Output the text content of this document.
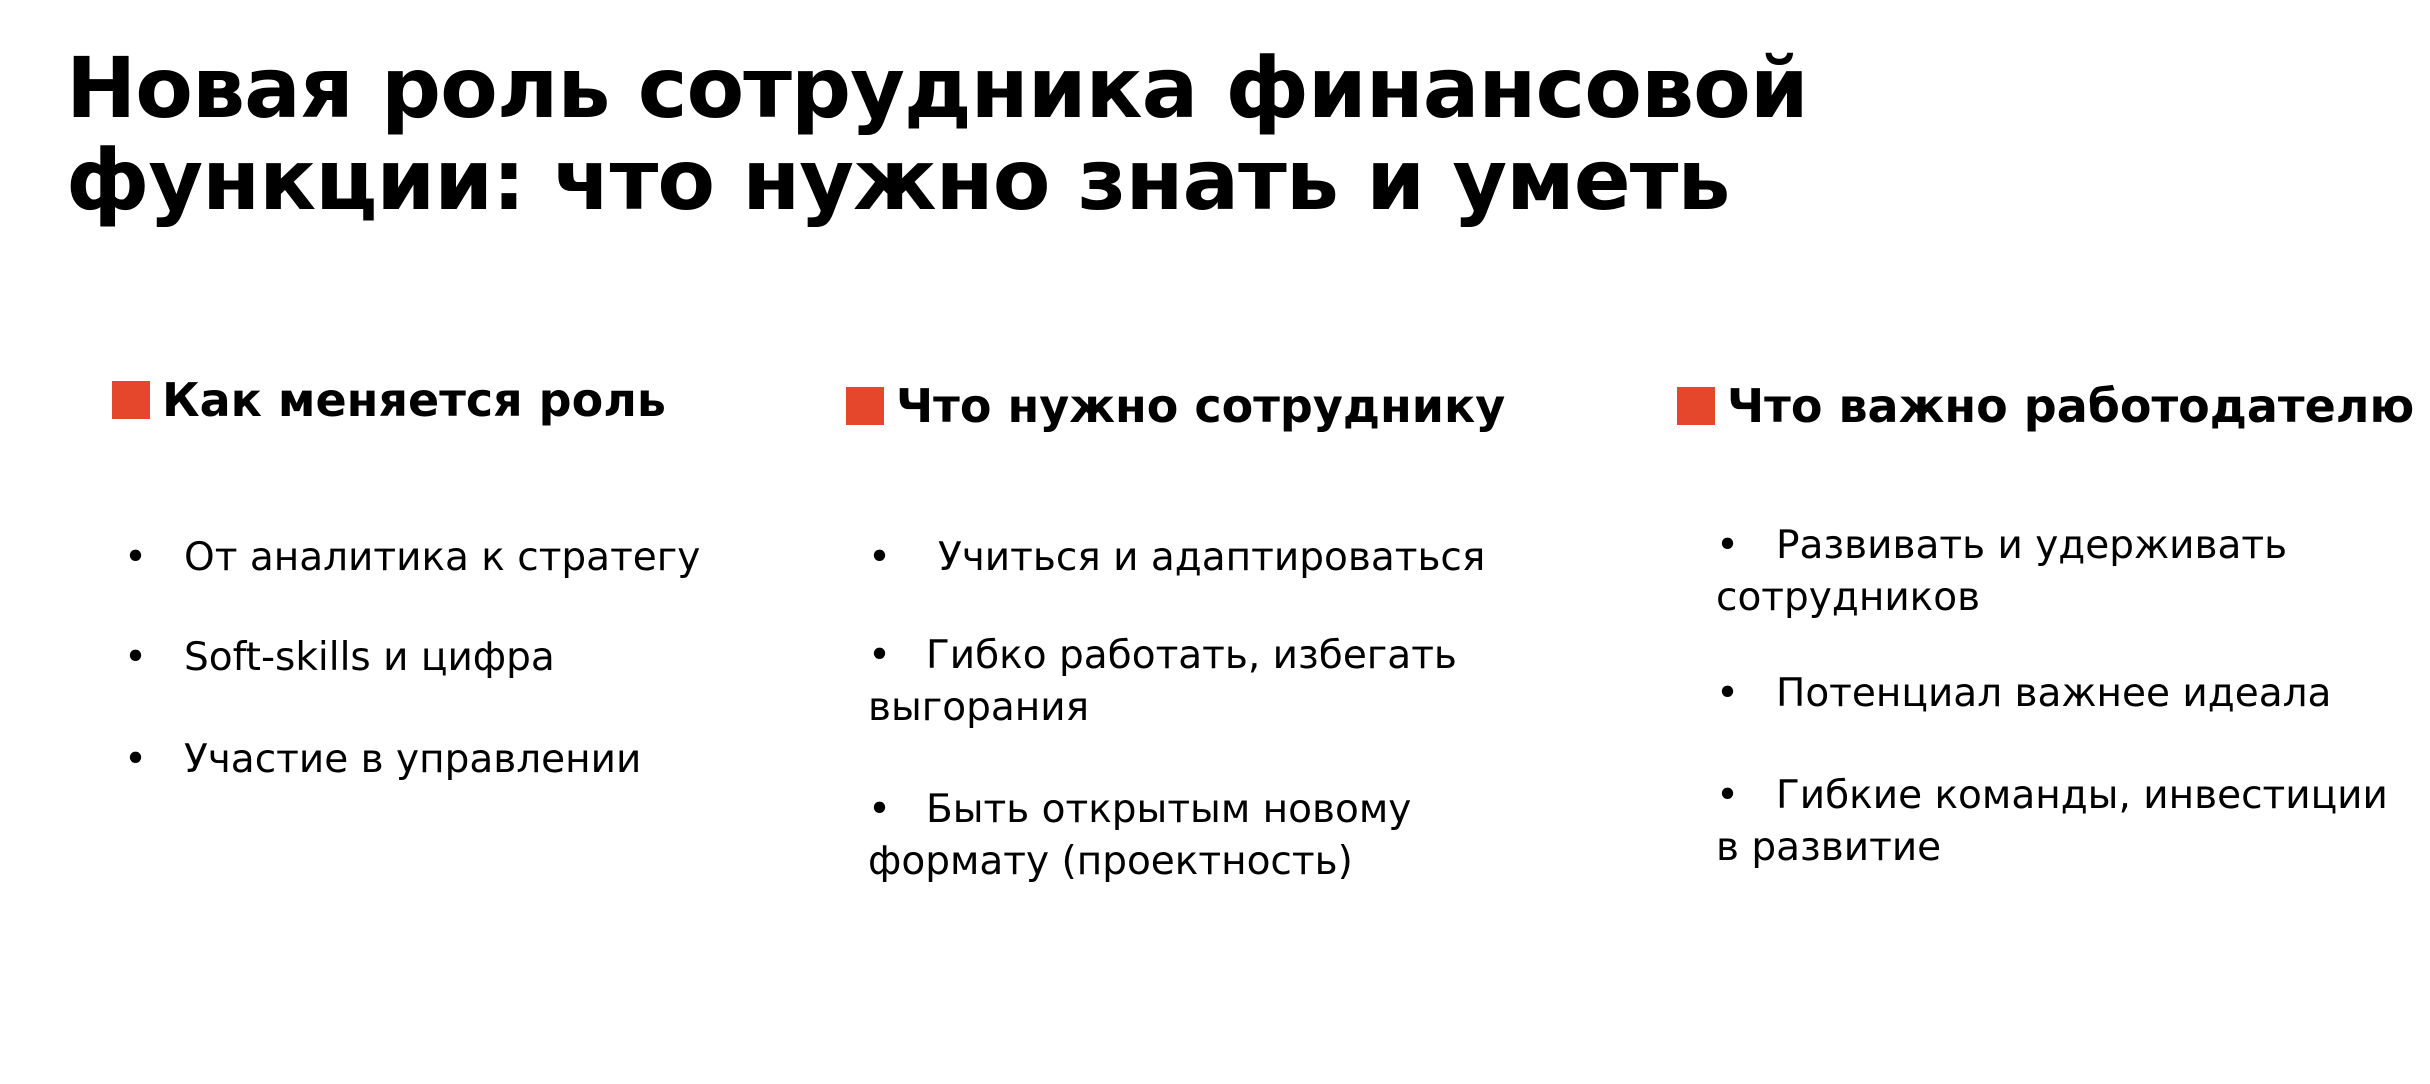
Новая роль сотрудника финансовой
функции: что нужно знать и уметь
Как меняется роль
• От аналитика к стратегу
• Soft-skills и цифра
• Участие в управлении
Что нужно сотруднику
• Учиться и адаптироваться
• Гибко работать, избегать выгорания
• Быть открытым новому формату (проектность)
Что важно работодателю
• Развивать и удерживать сотрудников
• Потенциал важнее идеала
• Гибкие команды, инвестиции в развитие
